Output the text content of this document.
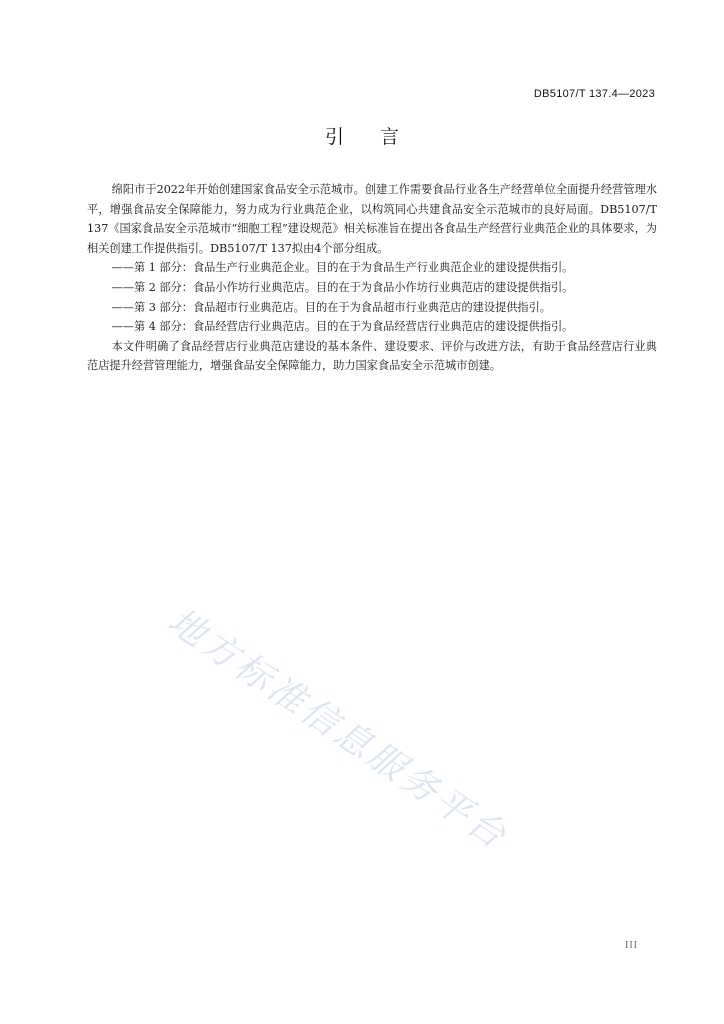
DB5107/T 137.4—2023
引言

绵阳市于2022年开始创建国家食品安全示范城市。创建工作需要食品行业各生产经营单位全面提升经营管理水平，增强食品安全保障能力，努力成为行业典范企业，以构筑同心共建食品安全示范城市的良好局面。DB5107/T 137《国家食品安全示范城市“细胞工程”建设规范》相关标准旨在提出各食品生产经营行业典范企业的具体要求，为相关创建工作提供指引。DB5107/T 137拟由4个部分组成。

——第 1 部分：食品生产行业典范企业。目的在于为食品生产行业典范企业的建设提供指引。

——第 2 部分：食品小作坊行业典范店。目的在于为食品小作坊行业典范店的建设提供指引。

——第 3 部分：食品超市行业典范店。目的在于为食品超市行业典范店的建设提供指引。

——第 4 部分：食品经营店行业典范店。目的在于为食品经营店行业典范店的建设提供指引。

本文件明确了食品经营店行业典范店建设的基本条件、建设要求、评价与改进方法，有助于食品经营店行业典范店提升经营管理能力，增强食品安全保障能力，助力国家食品安全示范城市创建。

地方标准信息服务平台
III
